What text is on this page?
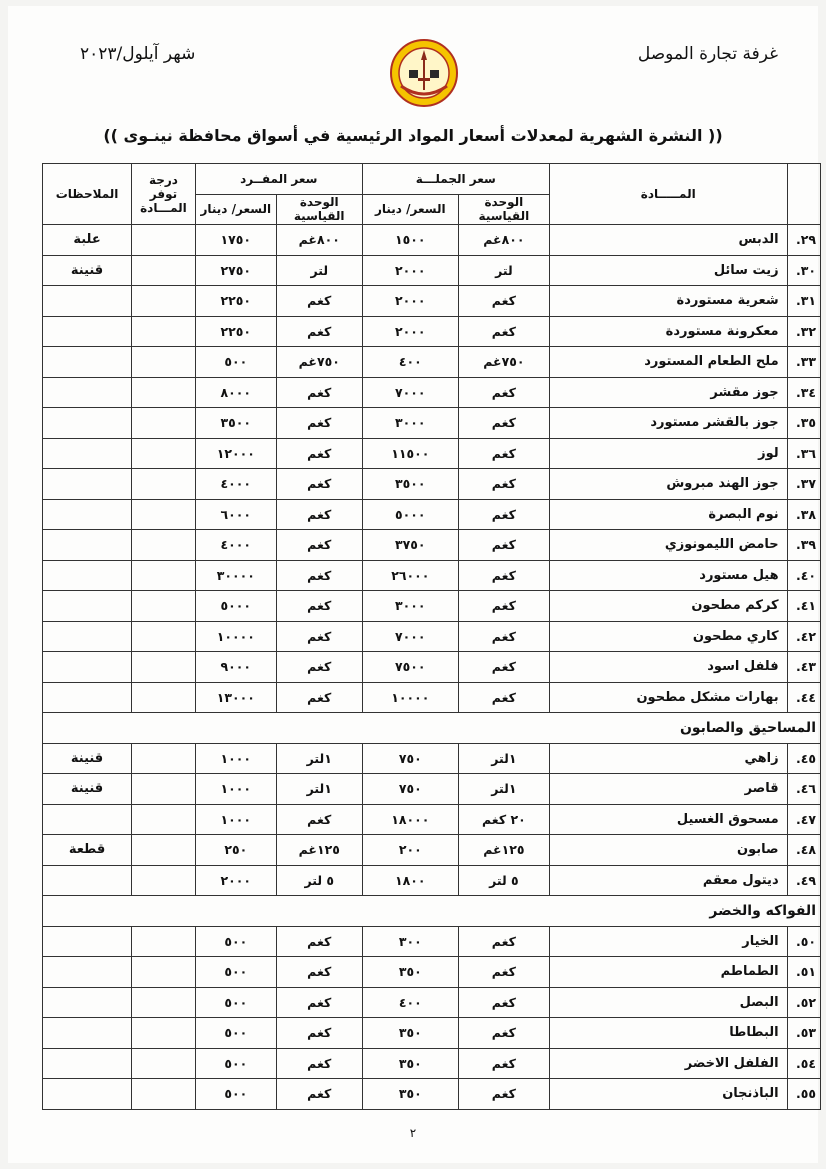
غرفة تجارة الموصل
شهر آيلول/٢٠٢٣
(( النشرة الشهرية لمعدلات أسعار المواد الرئيسية في أسواق محافظة نينـوى ))
٢
	المـــــادة	سعر الجملـــة		سعر المفــرد		درجة توفر المـــادة	الملاحظات
		الوحدة القياسية	السعر/ دينار	الوحدة القياسية	السعر/ دينار		
٢٩.	الدبس	٨٠٠غم	١٥٠٠	٨٠٠غم	١٧٥٠		علبة
٣٠.	زيت سائل	لتر	٢٠٠٠	لتر	٢٧٥٠		قنينة
٣١.	شعرية مستوردة	كغم	٢٠٠٠	كغم	٢٢٥٠		
٣٢.	معكرونة مستوردة	كغم	٢٠٠٠	كغم	٢٢٥٠		
٣٣.	ملح الطعام المستورد	٧٥٠غم	٤٠٠	٧٥٠غم	٥٠٠		
٣٤.	جوز مقشر	كغم	٧٠٠٠	كغم	٨٠٠٠		
٣٥.	جوز بالقشر مستورد	كغم	٣٠٠٠	كغم	٣٥٠٠		
٣٦.	لوز	كغم	١١٥٠٠	كغم	١٢٠٠٠		
٣٧.	جوز الهند مبروش	كغم	٣٥٠٠	كغم	٤٠٠٠		
٣٨.	نوم البصرة	كغم	٥٠٠٠	كغم	٦٠٠٠		
٣٩.	حامض الليمونوزي	كغم	٣٧٥٠	كغم	٤٠٠٠		
٤٠.	هيل مستورد	كغم	٢٦٠٠٠	كغم	٣٠٠٠٠		
٤١.	كركم مطحون	كغم	٣٠٠٠	كغم	٥٠٠٠		
٤٢.	كاري مطحون	كغم	٧٠٠٠	كغم	١٠٠٠٠		
٤٣.	فلفل اسود	كغم	٧٥٠٠	كغم	٩٠٠٠		
٤٤.	بهارات مشكل مطحون	كغم	١٠٠٠٠	كغم	١٣٠٠٠		
المساحيق والصابون							
٤٥.	زاهي	١لتر	٧٥٠	١لتر	١٠٠٠		قنينة
٤٦.	قاصر	١لتر	٧٥٠	١لتر	١٠٠٠		قنينة
٤٧.	مسحوق الغسيل	٢٠ كغم	١٨٠٠٠	كغم	١٠٠٠		
٤٨.	صابون	١٢٥غم	٢٠٠	١٢٥غم	٢٥٠		قطعة
٤٩.	ديتول معقم	٥ لتر	١٨٠٠	٥ لتر	٢٠٠٠		
الفواكه والخضر							
٥٠.	الخيار	كغم	٣٠٠	كغم	٥٠٠		
٥١.	الطماطم	كغم	٣٥٠	كغم	٥٠٠		
٥٢.	البصل	كغم	٤٠٠	كغم	٥٠٠		
٥٣.	البطاطا	كغم	٣٥٠	كغم	٥٠٠		
٥٤.	الفلفل الاخضر	كغم	٣٥٠	كغم	٥٠٠		
٥٥.	الباذنجان	كغم	٣٥٠	كغم	٥٠٠		
